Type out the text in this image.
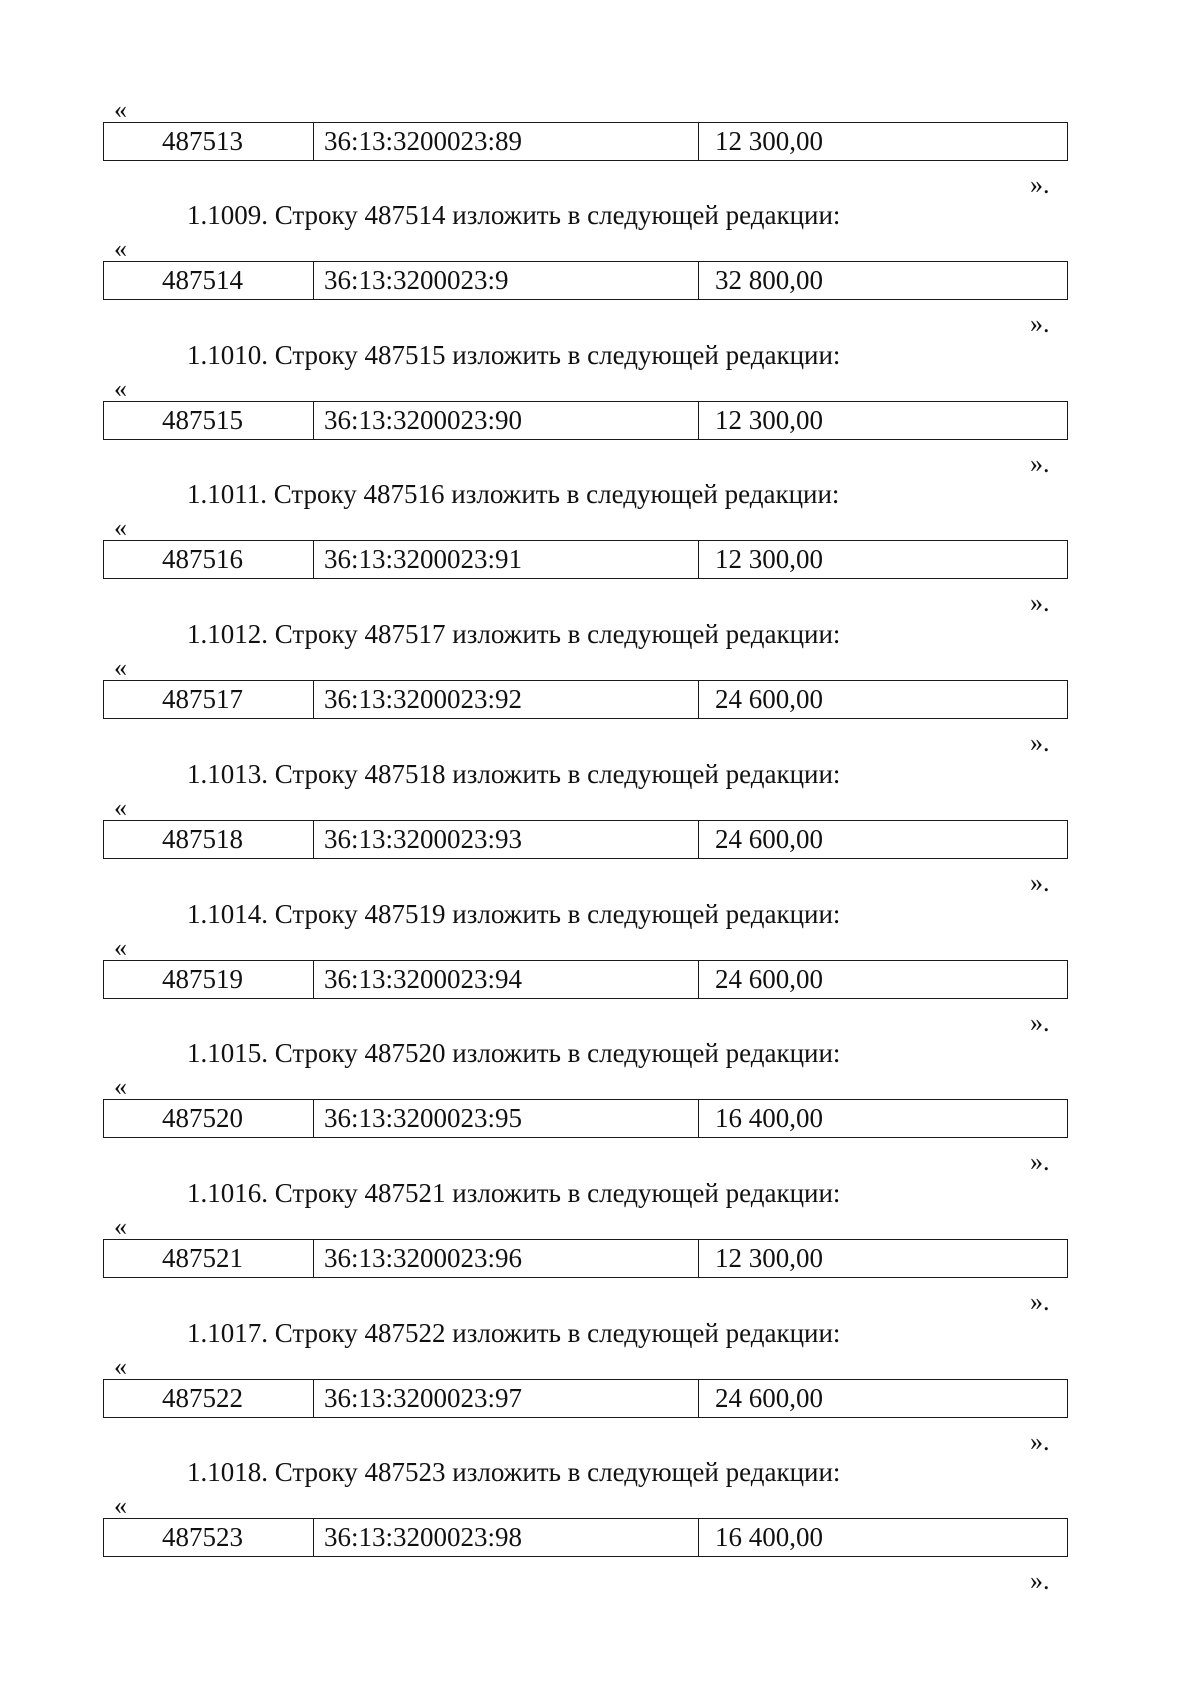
«
487513	36:13:3200023:89	12 300,00
».
1.1009. Строку 487514 изложить в следующей редакции:
«
487514	36:13:3200023:9	32 800,00
».
1.1010. Строку 487515 изложить в следующей редакции:
«
487515	36:13:3200023:90	12 300,00
».
1.1011. Строку 487516 изложить в следующей редакции:
«
487516	36:13:3200023:91	12 300,00
».
1.1012. Строку 487517 изложить в следующей редакции:
«
487517	36:13:3200023:92	24 600,00
».
1.1013. Строку 487518 изложить в следующей редакции:
«
487518	36:13:3200023:93	24 600,00
».
1.1014. Строку 487519 изложить в следующей редакции:
«
487519	36:13:3200023:94	24 600,00
».
1.1015. Строку 487520 изложить в следующей редакции:
«
487520	36:13:3200023:95	16 400,00
».
1.1016. Строку 487521 изложить в следующей редакции:
«
487521	36:13:3200023:96	12 300,00
».
1.1017. Строку 487522 изложить в следующей редакции:
«
487522	36:13:3200023:97	24 600,00
».
1.1018. Строку 487523 изложить в следующей редакции:
«
487523	36:13:3200023:98	16 400,00
».
